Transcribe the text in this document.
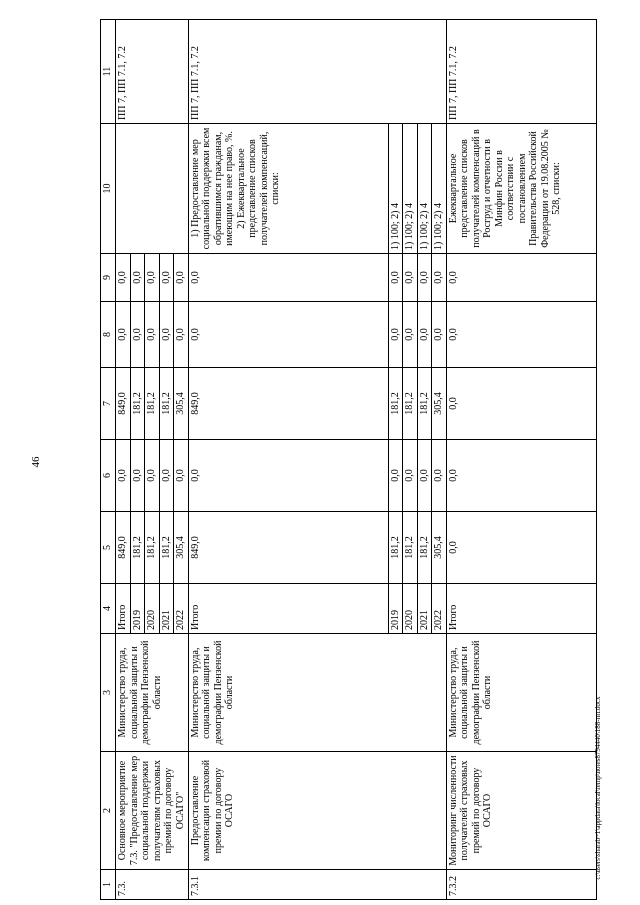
46
c:\users\sharab~1\appdata\local\temp\notes8794440\188-пп.docx
1	2	3	4	5	6	7	8	9	10	11
7.3.	Основное мероприятие 7.3. "Предоставление мер социальной поддержки получателям страховых премий по договору ОСАГО"	Министерство труда, социальной защиты и демографии Пензенской области	Итого	849,0	0,0	849,0	0,0	0,0		ПП 7, ПП 7.1, 7.2
			2019	181,2	0,0	181,2	0,0	0,0		
			2020	181,2	0,0	181,2	0,0	0,0		
			2021	181,2	0,0	181,2	0,0	0,0		
			2022	305,4	0,0	305,4	0,0	0,0		
7.3.1	Предоставление компенсации страховой премии по договору ОСАГО	Министерство труда, социальной защиты и демографии Пензенской области	Итого	849,0	0,0	849,0	0,0	0,0	1) Предоставление мер социальной поддержки всем обратившимся гражданам, имеющим на нее право, %. 2) Ежеквартальное представление списков получателей компенсаций, списки:	ПП 7, ПП 7.1, 7.2
			2019	181,2	0,0	181,2	0,0	0,0	1) 100; 2) 4	
			2020	181,2	0,0	181,2	0,0	0,0	1) 100; 2) 4	
			2021	181,2	0,0	181,2	0,0	0,0	1) 100; 2) 4	
			2022	305,4	0,0	305,4	0,0	0,0	1) 100; 2) 4	
7.3.2	Мониторинг численности получателей страховых премий по договору ОСАГО	Министерство труда, социальной защиты и демографии Пензенской области	Итого	0,0	0,0	0,0	0,0	0,0	Ежеквартальное представление списков получателей компенсаций в Росгруд и отчетности в Минфин России в соответствии с постановлением Правительства Российской Федерации от 19.08.2005 № 528, списки:	ПП 7, ПП 7.1, 7.2
